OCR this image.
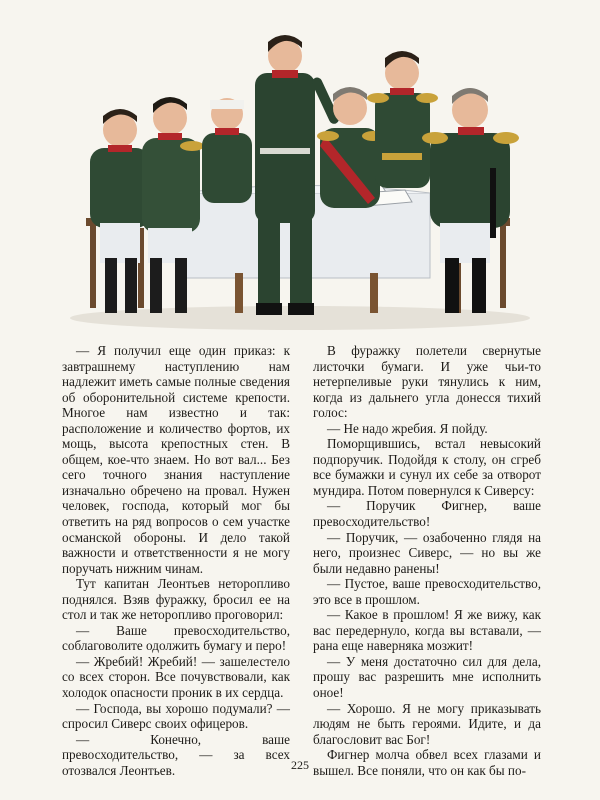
— Я получил еще один приказ: к завтрашнему наступлению нам надлежит иметь самые полные сведения об оборонительной системе крепости. Многое нам известно и так: расположение и количество фортов, их мощь, высота крепостных стен. В общем, кое-что знаем. Но вот вал... Без сего точного знания наступление изначально обречено на провал. Нужен человек, господа, который мог бы ответить на ряд вопросов о сем участке османской обороны. И дело такой важности и ответственности я не могу поручать нижним чинам.

Тут капитан Леонтьев неторопливо поднялся. Взяв фуражку, бросил ее на стол и так же неторопливо проговорил:

— Ваше превосходительство, соблаговолите одолжить бумагу и перо!

— Жребий! Жребий! — зашелестело со всех сторон. Все почувствовали, как холодок опасности проник в их сердца.

— Господа, вы хорошо подумали? — спросил Сиверс своих офицеров.

— Конечно, ваше превосходительство, — за всех отозвался Леонтьев.

В фуражку полетели свернутые листочки бумаги. И уже чьи-то нетерпеливые руки тянулись к ним, когда из дальнего угла донесся тихий голос:

— Не надо жребия. Я пойду.

Поморщившись, встал невысокий подпоручик. Подойдя к столу, он сгреб все бумажки и сунул их себе за отворот мундира. Потом повернулся к Сиверсу:

— Поручик Фигнер, ваше превосходительство!

— Поручик, — озабоченно глядя на него, произнес Сиверс, — но вы же были недавно ранены!

— Пустое, ваше превосходительство, это все в прошлом.

— Какое в прошлом! Я же вижу, как вас передернуло, когда вы вставали, — рана еще наверняка мозжит!

— У меня достаточно сил для дела, прошу вас разрешить мне исполнить оное!

— Хорошо. Я не могу приказывать людям не быть героями. Идите, и да благословит вас Бог!

Фигнер молча обвел всех глазами и вышел. Все поняли, что он как бы по-

225
